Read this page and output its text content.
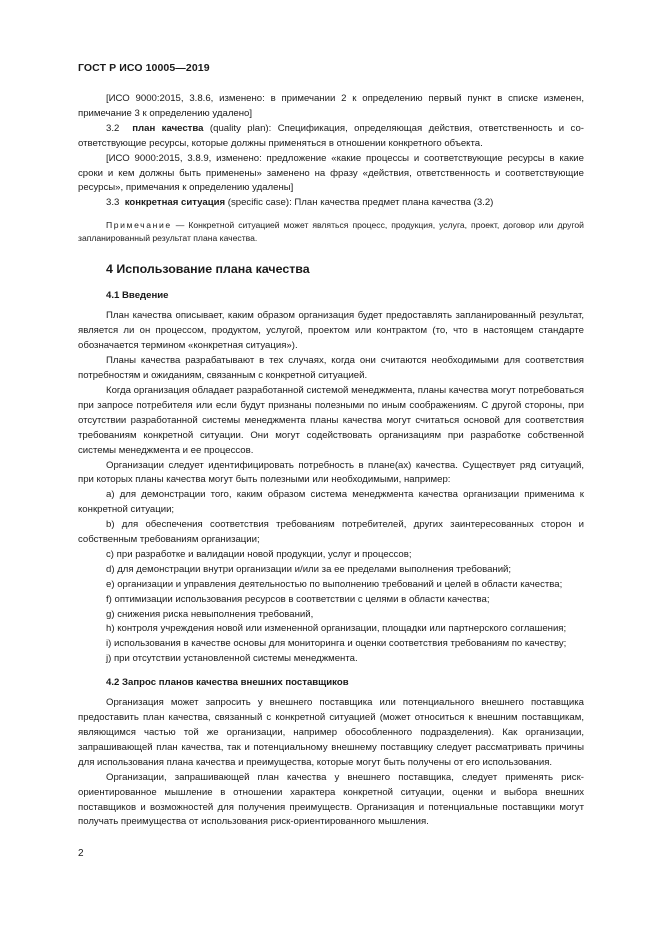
ГОСТ Р ИСО 10005—2019

[ИСО 9000:2015, 3.8.6, изменено: в примечании 2 к определению первый пункт в списке изменен, примечание 3 к определению удалено]

3.2 план качества (quality plan): Спецификация, определяющая действия, ответственность и соответствующие ресурсы, которые должны применяться в отношении конкретного объекта.

[ИСО 9000:2015, 3.8.9, изменено: предложение «какие процессы и соответствующие ресурсы в какие сроки и кем должны быть применены» заменено на фразу «действия, ответственность и соответствующие ресурсы», примечания к определению удалены]

3.3 конкретная ситуация (specific case): План качества предмет плана качества (3.2)

Примечание — Конкретной ситуацией может являться процесс, продукция, услуга, проект, договор или другой запланированный результат плана качества.

4 Использование плана качества
4.1 Введение

План качества описывает, каким образом организация будет предоставлять запланированный результат, является ли он процессом, продуктом, услугой, проектом или контрактом (то, что в настоящем стандарте обозначается термином «конкретная ситуация»).

Планы качества разрабатывают в тех случаях, когда они считаются необходимыми для соответствия потребностям и ожиданиям, связанным с конкретной ситуацией.

Когда организация обладает разработанной системой менеджмента, планы качества могут потребоваться при запросе потребителя или если будут признаны полезными по иным соображениям. С другой стороны, при отсутствии разработанной системы менеджмента планы качества могут считаться основой для соответствия требованиям конкретной ситуации. Они могут содействовать организациям при разработке собственной системы менеджмента и ее процессов.

Организации следует идентифицировать потребность в плане(ах) качества. Существует ряд ситуаций, при которых планы качества могут быть полезными или необходимыми, например:

a) для демонстрации того, каким образом система менеджмента качества организации применима к конкретной ситуации;

b) для обеспечения соответствия требованиям потребителей, других заинтересованных сторон и собственным требованиям организации;

c) при разработке и валидации новой продукции, услуг и процессов;

d) для демонстрации внутри организации и/или за ее пределами выполнения требований;

e) организации и управления деятельностью по выполнению требований и целей в области качества;

f) оптимизации использования ресурсов в соответствии с целями в области качества;

g) снижения риска невыполнения требований,

h) контроля учреждения новой или измененной организации, площадки или партнерского соглашения;

i) использования в качестве основы для мониторинга и оценки соответствия требованиям по качеству;

j) при отсутствии установленной системы менеджмента.

4.2 Запрос планов качества внешних поставщиков

Организация может запросить у внешнего поставщика или потенциального внешнего поставщика предоставить план качества, связанный с конкретной ситуацией (может относиться к внешним поставщикам, являющимся частью той же организации, например обособленного подразделения). Как организации, запрашивающей план качества, так и потенциальному внешнему поставщику следует рассматривать причины для использования плана качества и преимущества, которые могут быть получены от его использования.

Организации, запрашивающей план качества у внешнего поставщика, следует применять риск-ориентированное мышление в отношении характера конкретной ситуации, оценки и выбора внешних поставщиков и возможностей для получения преимуществ. Организация и потенциальные поставщики могут получать преимущества от использования риск-ориентированного мышления.

2
